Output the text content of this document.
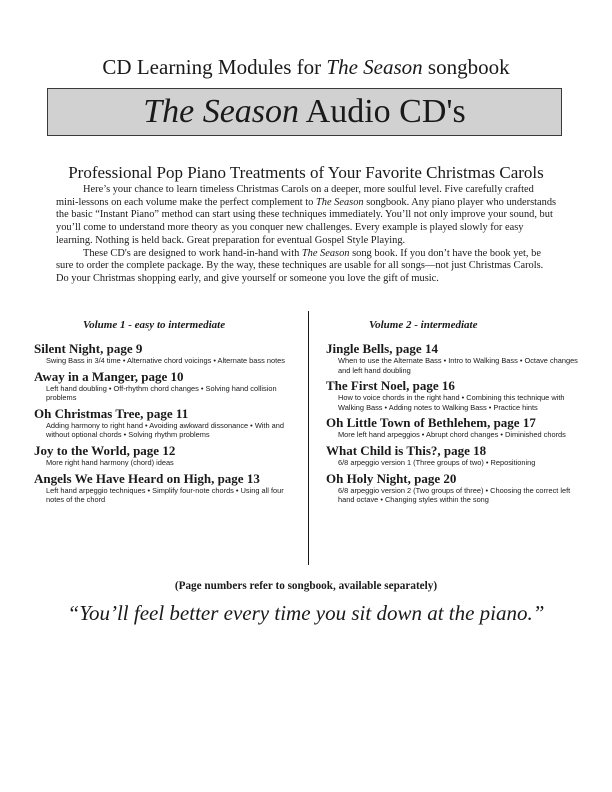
CD Learning Modules for The Season songbook
The Season Audio CD's
Professional Pop Piano Treatments of Your Favorite Christmas Carols

Here’s your chance to learn timeless Christmas Carols on a deeper, more soulful level. Five carefully crafted mini-lessons on each volume make the perfect complement to The Season songbook. Any piano player who understands the basic “Instant Piano” method can start using these techniques immediately. You’ll not only improve your sound, but you’ll come to understand more theory as you conquer new challenges. Every example is played slowly for easy learning. Nothing is held back. Great preparation for eventual Gospel Style Playing.

These CD's are designed to work hand-in-hand with The Season song book. If you don’t have the book yet, be sure to order the complete package. By the way, these techniques are usable for all songs—not just Christmas Carols. Do your Christmas shopping early, and give yourself or someone you love the gift of music.

Volume 1 - easy to intermediate
Silent Night, page 9
Swing Bass in 3/4 time • Alternative chord voicings • Alternate bass notes
Away in a Manger, page 10
Left hand doubling • Off-rhythm chord changes • Solving hand collision problems
Oh Christmas Tree, page 11
Adding harmony to right hand • Avoiding awkward dissonance • With and without optional chords • Solving rhythm problems
Joy to the World, page 12
More right hand harmony (chord) ideas
Angels We Have Heard on High, page 13
Left hand arpeggio techniques • Simplify four-note chords • Using all four notes of the chord
Volume 2 - intermediate
Jingle Bells, page 14
When to use the Alternate Bass • Intro to Walking Bass • Octave changes and left hand doubling
The First Noel, page 16
How to voice chords in the right hand • Combining this technique with Walking Bass • Adding notes to Walking Bass • Practice hints
Oh Little Town of Bethlehem, page 17
More left hand arpeggios • Abrupt chord changes • Diminished chords
What Child is This?, page 18
6/8 arpeggio version 1 (Three groups of two) • Repositioning
Oh Holy Night, page 20
6/8 arpeggio version 2 (Two groups of three) • Choosing the correct left hand octave • Changing styles within the song
(Page numbers refer to songbook, available separately)
“You’ll feel better every time you sit down at the piano.”
